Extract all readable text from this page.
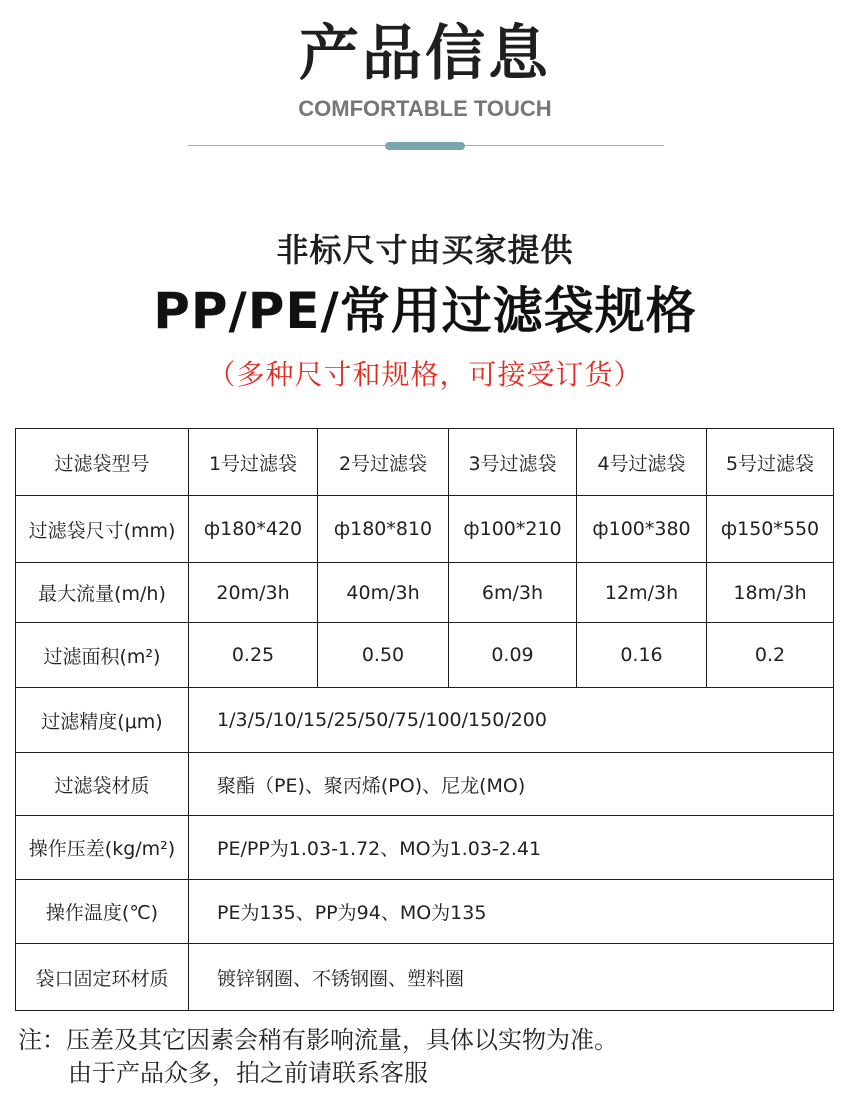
产品信息
COMFORTABLE TOUCH
非标尺寸由买家提供
PP/PE/常用过滤袋规格
（多种尺寸和规格，可接受订货）
过滤袋型号	1号过滤袋	2号过滤袋	3号过滤袋	4号过滤袋	5号过滤袋
过滤袋尺寸(mm)	ф180*420	ф180*810	ф100*210	ф100*380	ф150*550
最大流量(m/h)	20m/3h	40m/3h	6m/3h	12m/3h	18m/3h
过滤面积(m²)	0.25	0.50	0.09	0.16	0.2
过滤精度(μm)	1/3/5/10/15/25/50/75/100/150/200				
过滤袋材质	聚酯（PE)、聚丙烯(PO)、尼龙(MO)				
操作压差(kg/m²)	PE/PP为1.03-1.72、MO为1.03-2.41				
操作温度(℃)	PE为135、PP为94、MO为135				
袋口固定环材质	镀锌钢圈、不锈钢圈、塑料圈				
注：压差及其它因素会稍有影响流量，具体以实物为准。
由于产品众多，拍之前请联系客服
